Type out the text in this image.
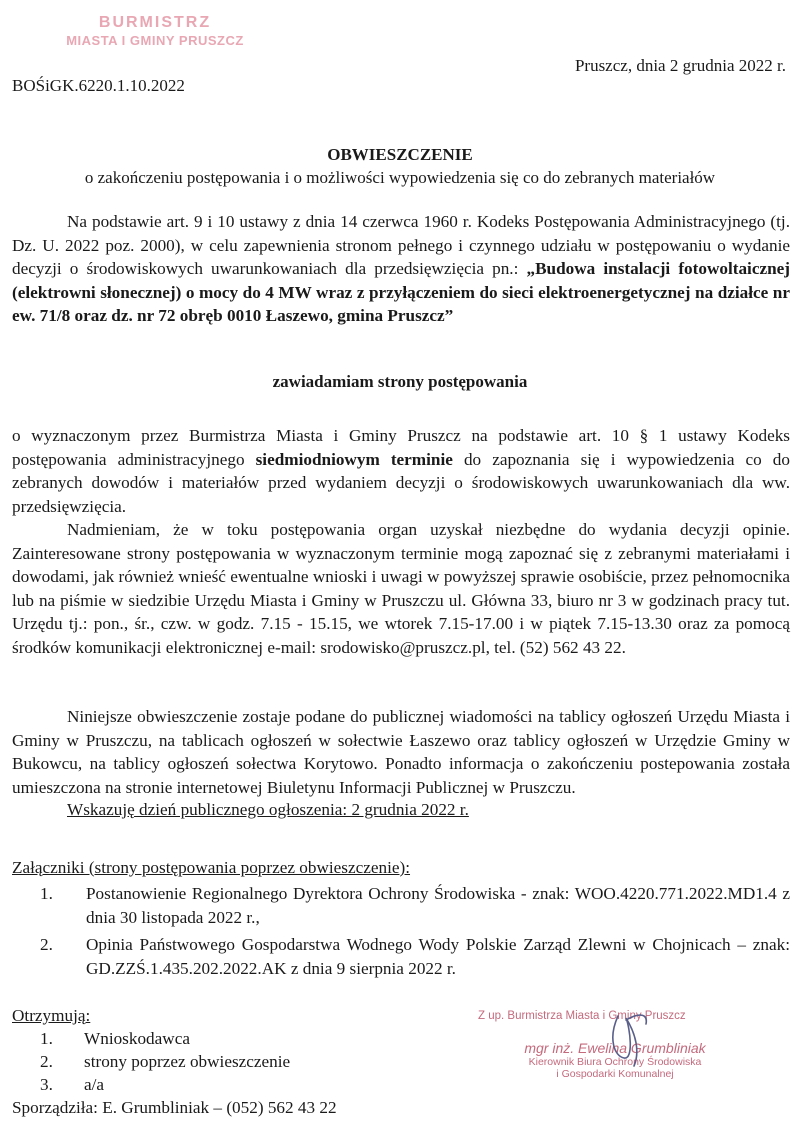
BURMISTRZ
MIASTA I GMINY PRUSZCZ
Pruszcz, dnia 2 grudnia 2022 r.
BOŚiGK.6220.1.10.2022
OBWIESZCZENIE
o zakończeniu postępowania i o możliwości wypowiedzenia się co do zebranych materiałów

Na podstawie art. 9 i 10 ustawy z dnia 14 czerwca 1960 r. Kodeks Postępowania Administracyjnego (tj. Dz. U. 2022 poz. 2000), w celu zapewnienia stronom pełnego i czynnego udziału w postępowaniu o wydanie decyzji o środowiskowych uwarunkowaniach dla przedsięwzięcia pn.: „Budowa instalacji fotowoltaicznej (elektrowni słonecznej) o mocy do 4 MW wraz z przyłączeniem do sieci elektroenergetycznej na działce nr ew. 71/8 oraz dz. nr 72 obręb 0010 Łaszewo, gmina Pruszcz”

zawiadamiam strony postępowania

o wyznaczonym przez Burmistrza Miasta i Gminy Pruszcz na podstawie art. 10 § 1 ustawy Kodeks postępowania administracyjnego siedmiodniowym terminie do zapoznania się i wypowiedzenia co do zebranych dowodów i materiałów przed wydaniem decyzji o środowiskowych uwarunkowaniach dla ww. przedsięwzięcia.

Nadmieniam, że w toku postępowania organ uzyskał niezbędne do wydania decyzji opinie. Zainteresowane strony postępowania w wyznaczonym terminie mogą zapoznać się z zebranymi materiałami i dowodami, jak również wnieść ewentualne wnioski i uwagi w powyższej sprawie osobiście, przez pełnomocnika lub na piśmie w siedzibie Urzędu Miasta i Gminy w Pruszczu ul. Główna 33, biuro nr 3 w godzinach pracy tut. Urzędu tj.: pon., śr., czw. w godz. 7.15 - 15.15, we wtorek 7.15-17.00 i w piątek 7.15-13.30 oraz za pomocą środków komunikacji elektronicznej e-mail: srodowisko@pruszcz.pl, tel. (52) 562 43 22.

Niniejsze obwieszczenie zostaje podane do publicznej wiadomości na tablicy ogłoszeń Urzędu Miasta i Gminy w Pruszczu, na tablicach ogłoszeń w sołectwie Łaszewo oraz tablicy ogłoszeń w Urzędzie Gminy w Bukowcu, na tablicy ogłoszeń sołectwa Korytowo. Ponadto informacja o zakończeniu postepowania została umieszczona na stronie internetowej Biuletynu Informacji Publicznej w Pruszczu.

Wskazuję dzień publicznego ogłoszenia: 2 grudnia 2022 r.
Załączniki (strony postępowania poprzez obwieszczenie):
1. Postanowienie Regionalnego Dyrektora Ochrony Środowiska - znak: WOO.4220.771.2022.MD1.4 z dnia 30 listopada 2022 r.,
2. Opinia Państwowego Gospodarstwa Wodnego Wody Polskie Zarząd Zlewni w Chojnicach – znak: GD.ZZŚ.1.435.202.2022.AK z dnia 9 sierpnia 2022 r.
Otrzymują:
1. Wnioskodawca
2. strony poprzez obwieszczenie
3. a/a
Sporządziła: E. Grumbliniak – (052) 562 43 22
Z up. Burmistrza Miasta i Gminy Pruszcz
mgr inż. Ewelina Grumbliniak
Kierownik Biura Ochrony Środowiska
i Gospodarki Komunalnej
